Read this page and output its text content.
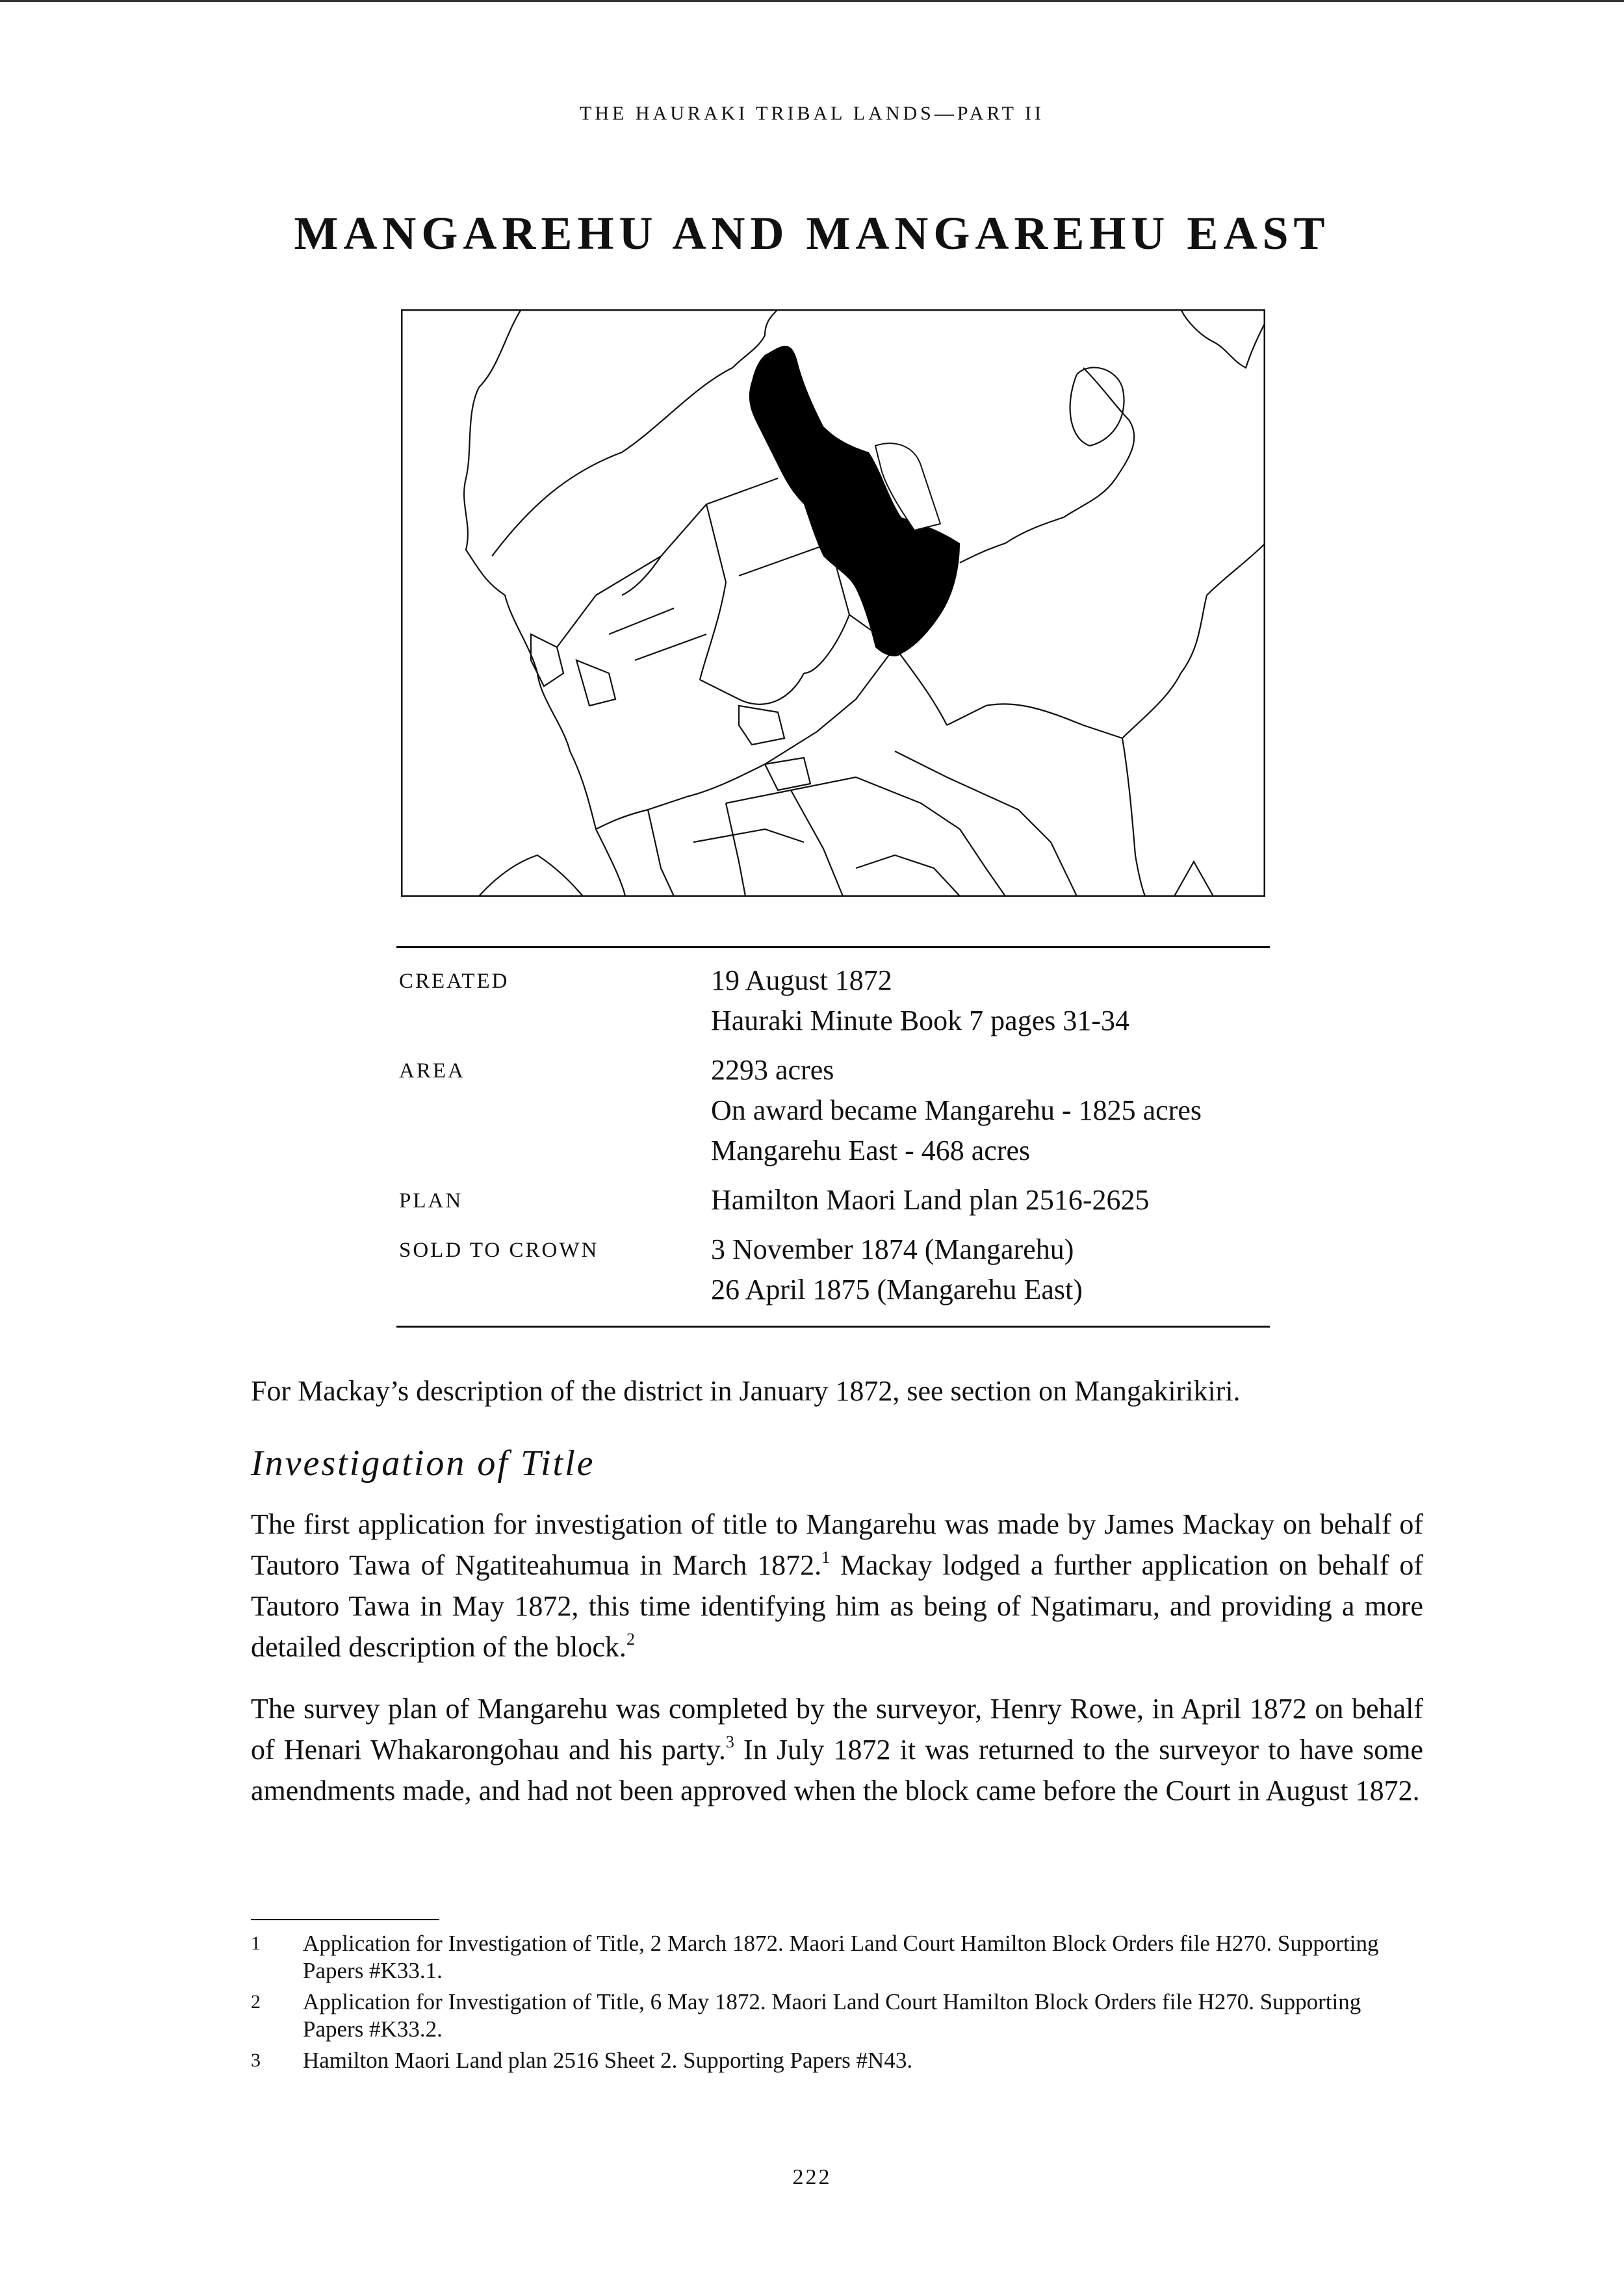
THE HAURAKI TRIBAL LANDS—PART II
MANGAREHU AND MANGAREHU EAST
CREATED	19 August 1872
Hauraki Minute Book 7 pages 31-34
AREA	2293 acres
On award became Mangarehu - 1825 acres
Mangarehu East - 468 acres
PLAN	Hamilton Maori Land plan 2516-2625
SOLD TO CROWN	3 November 1874 (Mangarehu)
26 April 1875 (Mangarehu East)

For Mackay’s description of the district in January 1872, see section on Mangakirikiri.

Investigation of Title

The first application for investigation of title to Mangarehu was made by James Mackay on behalf of Tautoro Tawa of Ngatiteahumua in March 1872.$^1$ Mackay lodged a further application on behalf of Tautoro Tawa in May 1872, this time identifying him as being of Ngatimaru, and providing a more detailed description of the block.$^2$

The survey plan of Mangarehu was completed by the surveyor, Henry Rowe, in April 1872 on behalf of Henari Whakarongohau and his party.$^3$ In July 1872 it was returned to the surveyor to have some amendments made, and had not been approved when the block came before the Court in August 1872.

1	Application for Investigation of Title, 2 March 1872. Maori Land Court Hamilton Block Orders file H270. Supporting Papers #K33.1.
2	Application for Investigation of Title, 6 May 1872. Maori Land Court Hamilton Block Orders file H270. Supporting Papers #K33.2.
3	Hamilton Maori Land plan 2516 Sheet 2. Supporting Papers #N43.
222
